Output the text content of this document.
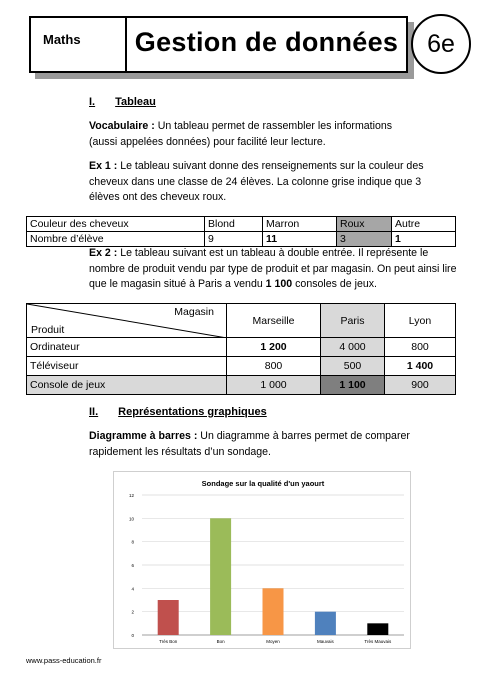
Maths	Gestion de données	6e
I. Tableau
Vocabulaire : Un tableau permet de rassembler les informations (aussi appelées données) pour facilité leur lecture.
Ex 1 : Le tableau suivant donne des renseignements sur la couleur des cheveux dans une classe de 24 élèves. La colonne grise indique que 3 élèves ont des cheveux roux.
Couleur des cheveux	Blond	Marron	Roux	Autre
Nombre d’élève	9	11	3	1
Ex 2 : Le tableau suivant est un tableau à double entrée. Il représente le nombre de produit vendu par type de produit et par magasin. On peut ainsi lire que le magasin situé à Paris a vendu 1 100 consoles de jeux.
Magasin
Produit	Marseille	Paris	Lyon
Ordinateur	1 200	4 000	800
Téléviseur	800	500	1 400
Console de jeux	1 000	1 100	900
II. Représentations graphiques
Diagramme à barres : Un diagramme à barres permet de comparer rapidement les résultats d’un sondage.
Sondage sur la qualité d'un yaourt
0
2
4
6
8
10
12
Très Bon	Bon	Moyen	Mauvais	Très Mauvais
www.pass-education.fr
